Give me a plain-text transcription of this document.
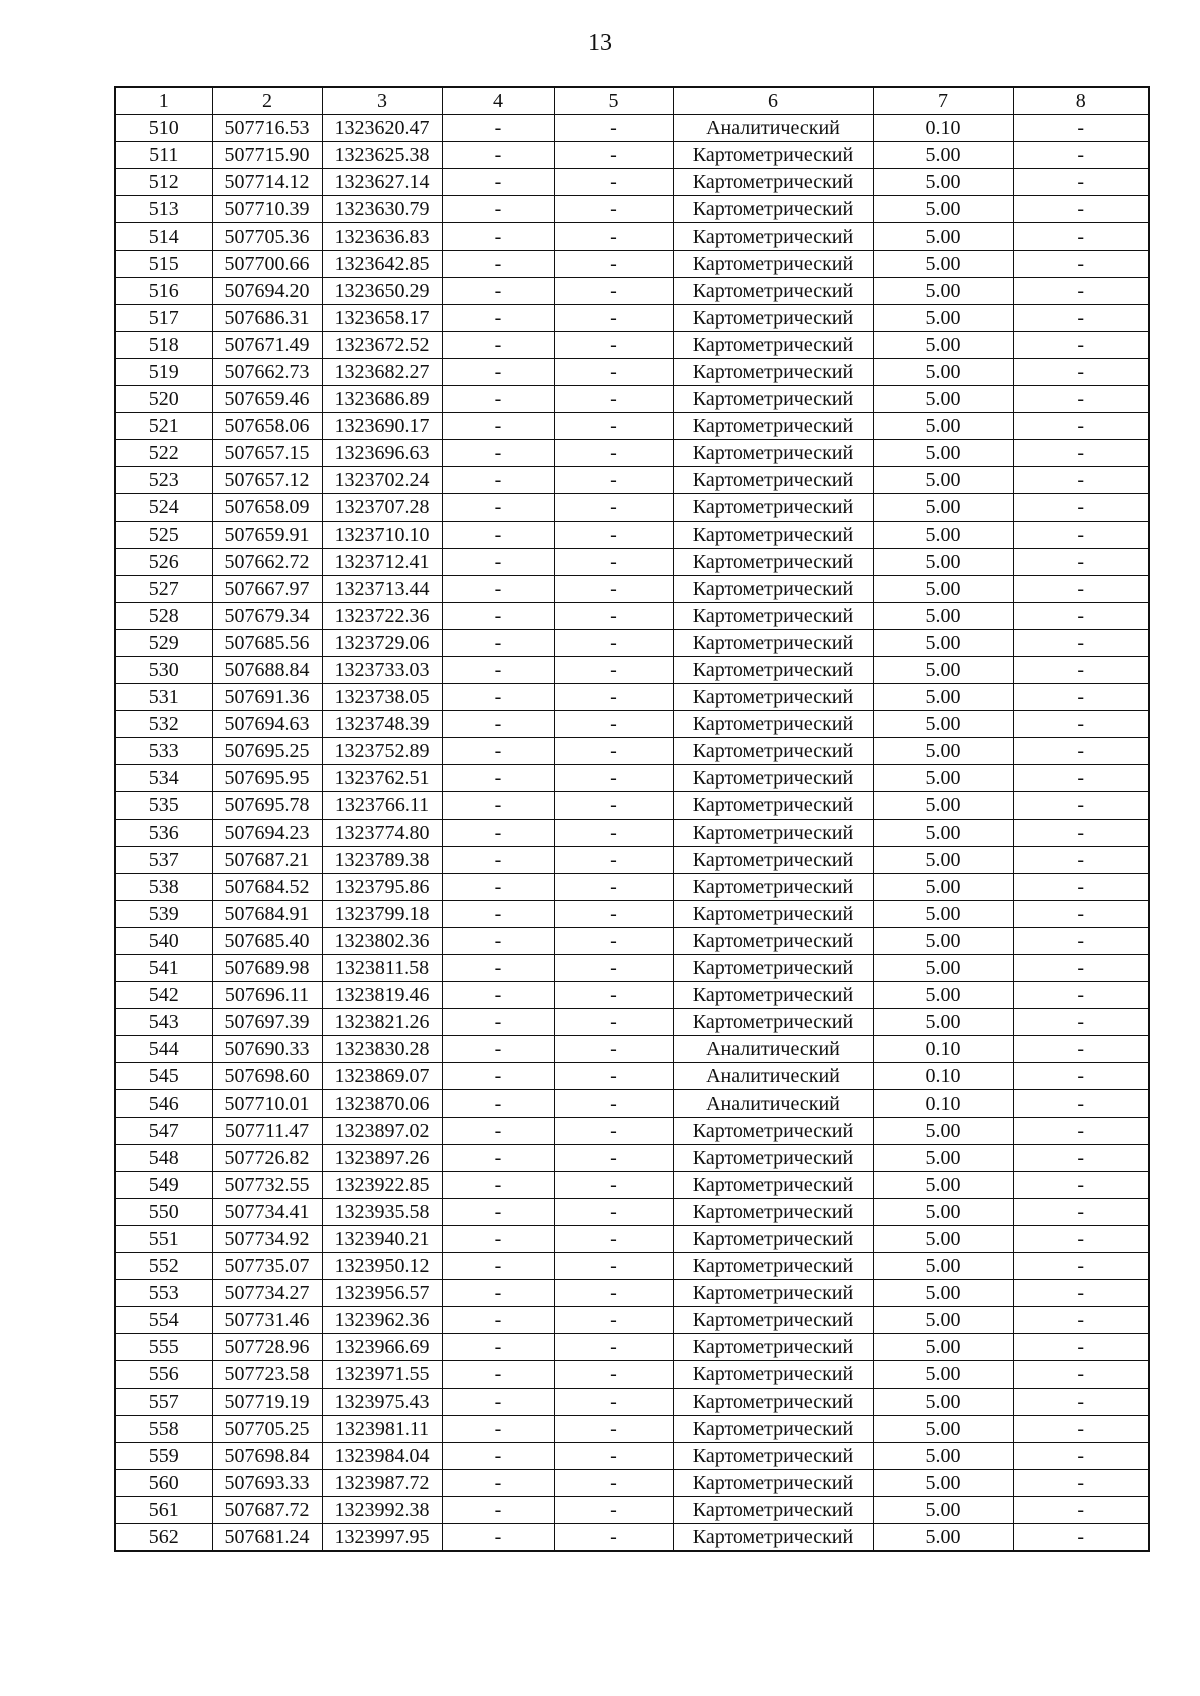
13
1	2	3	4	5	6	7	8
510	507716.53	1323620.47	-	-	Аналитический	0.10	-
511	507715.90	1323625.38	-	-	Картометрический	5.00	-
512	507714.12	1323627.14	-	-	Картометрический	5.00	-
513	507710.39	1323630.79	-	-	Картометрический	5.00	-
514	507705.36	1323636.83	-	-	Картометрический	5.00	-
515	507700.66	1323642.85	-	-	Картометрический	5.00	-
516	507694.20	1323650.29	-	-	Картометрический	5.00	-
517	507686.31	1323658.17	-	-	Картометрический	5.00	-
518	507671.49	1323672.52	-	-	Картометрический	5.00	-
519	507662.73	1323682.27	-	-	Картометрический	5.00	-
520	507659.46	1323686.89	-	-	Картометрический	5.00	-
521	507658.06	1323690.17	-	-	Картометрический	5.00	-
522	507657.15	1323696.63	-	-	Картометрический	5.00	-
523	507657.12	1323702.24	-	-	Картометрический	5.00	-
524	507658.09	1323707.28	-	-	Картометрический	5.00	-
525	507659.91	1323710.10	-	-	Картометрический	5.00	-
526	507662.72	1323712.41	-	-	Картометрический	5.00	-
527	507667.97	1323713.44	-	-	Картометрический	5.00	-
528	507679.34	1323722.36	-	-	Картометрический	5.00	-
529	507685.56	1323729.06	-	-	Картометрический	5.00	-
530	507688.84	1323733.03	-	-	Картометрический	5.00	-
531	507691.36	1323738.05	-	-	Картометрический	5.00	-
532	507694.63	1323748.39	-	-	Картометрический	5.00	-
533	507695.25	1323752.89	-	-	Картометрический	5.00	-
534	507695.95	1323762.51	-	-	Картометрический	5.00	-
535	507695.78	1323766.11	-	-	Картометрический	5.00	-
536	507694.23	1323774.80	-	-	Картометрический	5.00	-
537	507687.21	1323789.38	-	-	Картометрический	5.00	-
538	507684.52	1323795.86	-	-	Картометрический	5.00	-
539	507684.91	1323799.18	-	-	Картометрический	5.00	-
540	507685.40	1323802.36	-	-	Картометрический	5.00	-
541	507689.98	1323811.58	-	-	Картометрический	5.00	-
542	507696.11	1323819.46	-	-	Картометрический	5.00	-
543	507697.39	1323821.26	-	-	Картометрический	5.00	-
544	507690.33	1323830.28	-	-	Аналитический	0.10	-
545	507698.60	1323869.07	-	-	Аналитический	0.10	-
546	507710.01	1323870.06	-	-	Аналитический	0.10	-
547	507711.47	1323897.02	-	-	Картометрический	5.00	-
548	507726.82	1323897.26	-	-	Картометрический	5.00	-
549	507732.55	1323922.85	-	-	Картометрический	5.00	-
550	507734.41	1323935.58	-	-	Картометрический	5.00	-
551	507734.92	1323940.21	-	-	Картометрический	5.00	-
552	507735.07	1323950.12	-	-	Картометрический	5.00	-
553	507734.27	1323956.57	-	-	Картометрический	5.00	-
554	507731.46	1323962.36	-	-	Картометрический	5.00	-
555	507728.96	1323966.69	-	-	Картометрический	5.00	-
556	507723.58	1323971.55	-	-	Картометрический	5.00	-
557	507719.19	1323975.43	-	-	Картометрический	5.00	-
558	507705.25	1323981.11	-	-	Картометрический	5.00	-
559	507698.84	1323984.04	-	-	Картометрический	5.00	-
560	507693.33	1323987.72	-	-	Картометрический	5.00	-
561	507687.72	1323992.38	-	-	Картометрический	5.00	-
562	507681.24	1323997.95	-	-	Картометрический	5.00	-
